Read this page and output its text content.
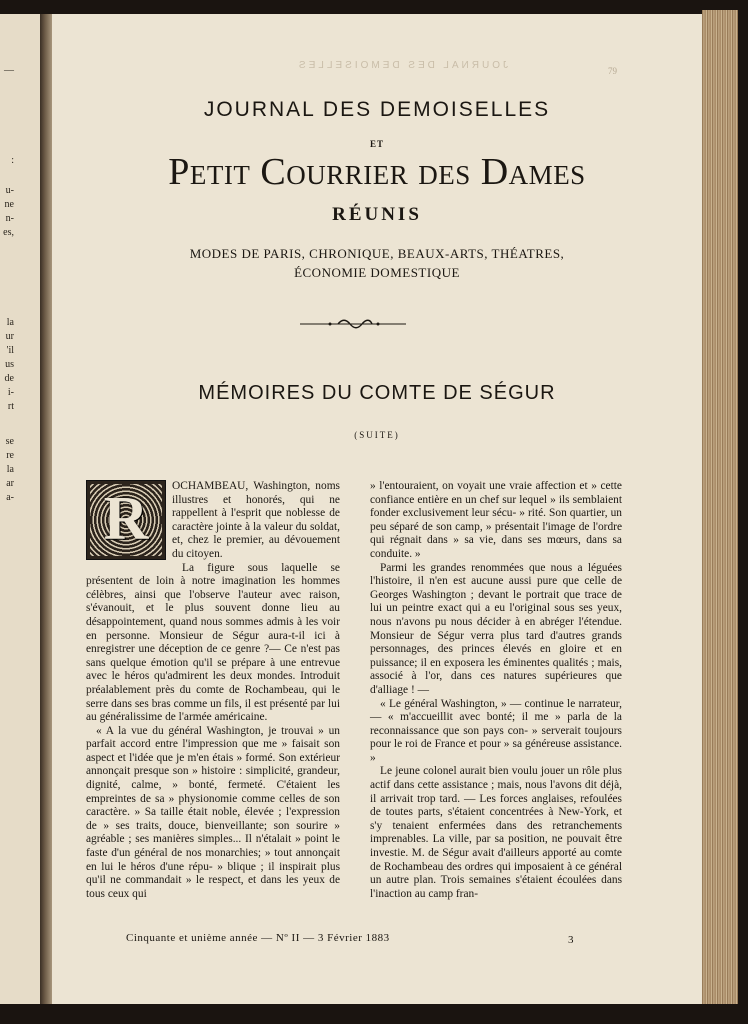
—
:
u-
ne
n-
es,
la
ur
'il
us
de
i-
rt
se
re
la
ar
a-
JOURNAL DES DEMOISELLES	79
JOURNAL DES DEMOISELLES
ET
Petit Courrier des Dames
RÉUNIS
MODES DE PARIS, CHRONIQUE, BEAUX-ARTS, THÉATRES,
ÉCONOMIE DOMESTIQUE
MÉMOIRES DU COMTE DE SÉGUR
(SUITE)
R	OCHAMBEAU, Washington, noms illustres et honorés, qui ne rappellent à l'esprit que noblesse de caractère jointe à la valeur du soldat, et, chez le premier, au dévouement du citoyen.

La figure sous laquelle se présentent de loin à notre imagination les hommes célèbres, ainsi que l'observe l'auteur avec raison, s'évanouit, et le plus souvent donne lieu au désappointement, quand nous sommes admis à les voir en personne. Monsieur de Ségur aura-t-il ici à enregistrer une déception de ce genre ?— Ce n'est pas sans quelque émotion qu'il se prépare à une entrevue avec le héros qu'admirent les deux mondes. Introduit préalablement près du comte de Rochambeau, qui le serre dans ses bras comme un fils, il est présenté par lui au généralissime de l'armée américaine.

« A la vue du général Washington, je trouvai » un parfait accord entre l'impression que me » faisait son aspect et l'idée que je m'en étais » formé. Son extérieur annonçait presque son » histoire : simplicité, grandeur, dignité, calme, » bonté, fermeté. C'étaient les empreintes de sa » physionomie comme celles de son caractère. » Sa taille était noble, élevée ; l'expression de » ses traits, douce, bienveillante; son sourire » agréable ; ses manières simples... Il n'étalait » point le faste d'un général de nos monarchies; » tout annonçait en lui le héros d'une répu- » blique ; il inspirait plus qu'il ne commandait » le respect, et dans les yeux de tous ceux qui

» l'entouraient, on voyait une vraie affection et » cette confiance entière en un chef sur lequel » ils semblaient fonder exclusivement leur sécu- » rité. Son quartier, un peu séparé de son camp, » présentait l'image de l'ordre qui régnait dans » sa vie, dans ses mœurs, dans sa conduite. »

Parmi les grandes renommées que nous a léguées l'histoire, il n'en est aucune aussi pure que celle de Georges Washington ; devant le portrait que trace de lui un peintre exact qui a eu l'original sous ses yeux, nous n'avons pu nous décider à en abréger l'étendue. Monsieur de Ségur verra plus tard d'autres grands personnages, des princes élevés en gloire et en puissance; il en exposera les éminentes qualités ; mais, associé à l'or, dans ces natures supérieures que d'alliage ! —

« Le général Washington, » — continue le narrateur, — « m'accueillit avec bonté; il me » parla de la reconnaissance que son pays con- » serverait toujours pour le roi de France et pour » sa généreuse assistance. »

Le jeune colonel aurait bien voulu jouer un rôle plus actif dans cette assistance ; mais, nous l'avons dit déjà, il arrivait trop tard. — Les forces anglaises, refoulées de toutes parts, s'étaient concentrées à New-York, et s'y tenaient enfermées dans des retranchements imprenables. La ville, par sa position, ne pouvait être investie. M. de Ségur avait d'ailleurs apporté au comte de Rochambeau des ordres qui imposaient à ce général un autre plan. Trois semaines s'étaient écoulées dans l'inaction au camp fran-

Cinquante et unième année — Nº II — 3 Février 1883	3
